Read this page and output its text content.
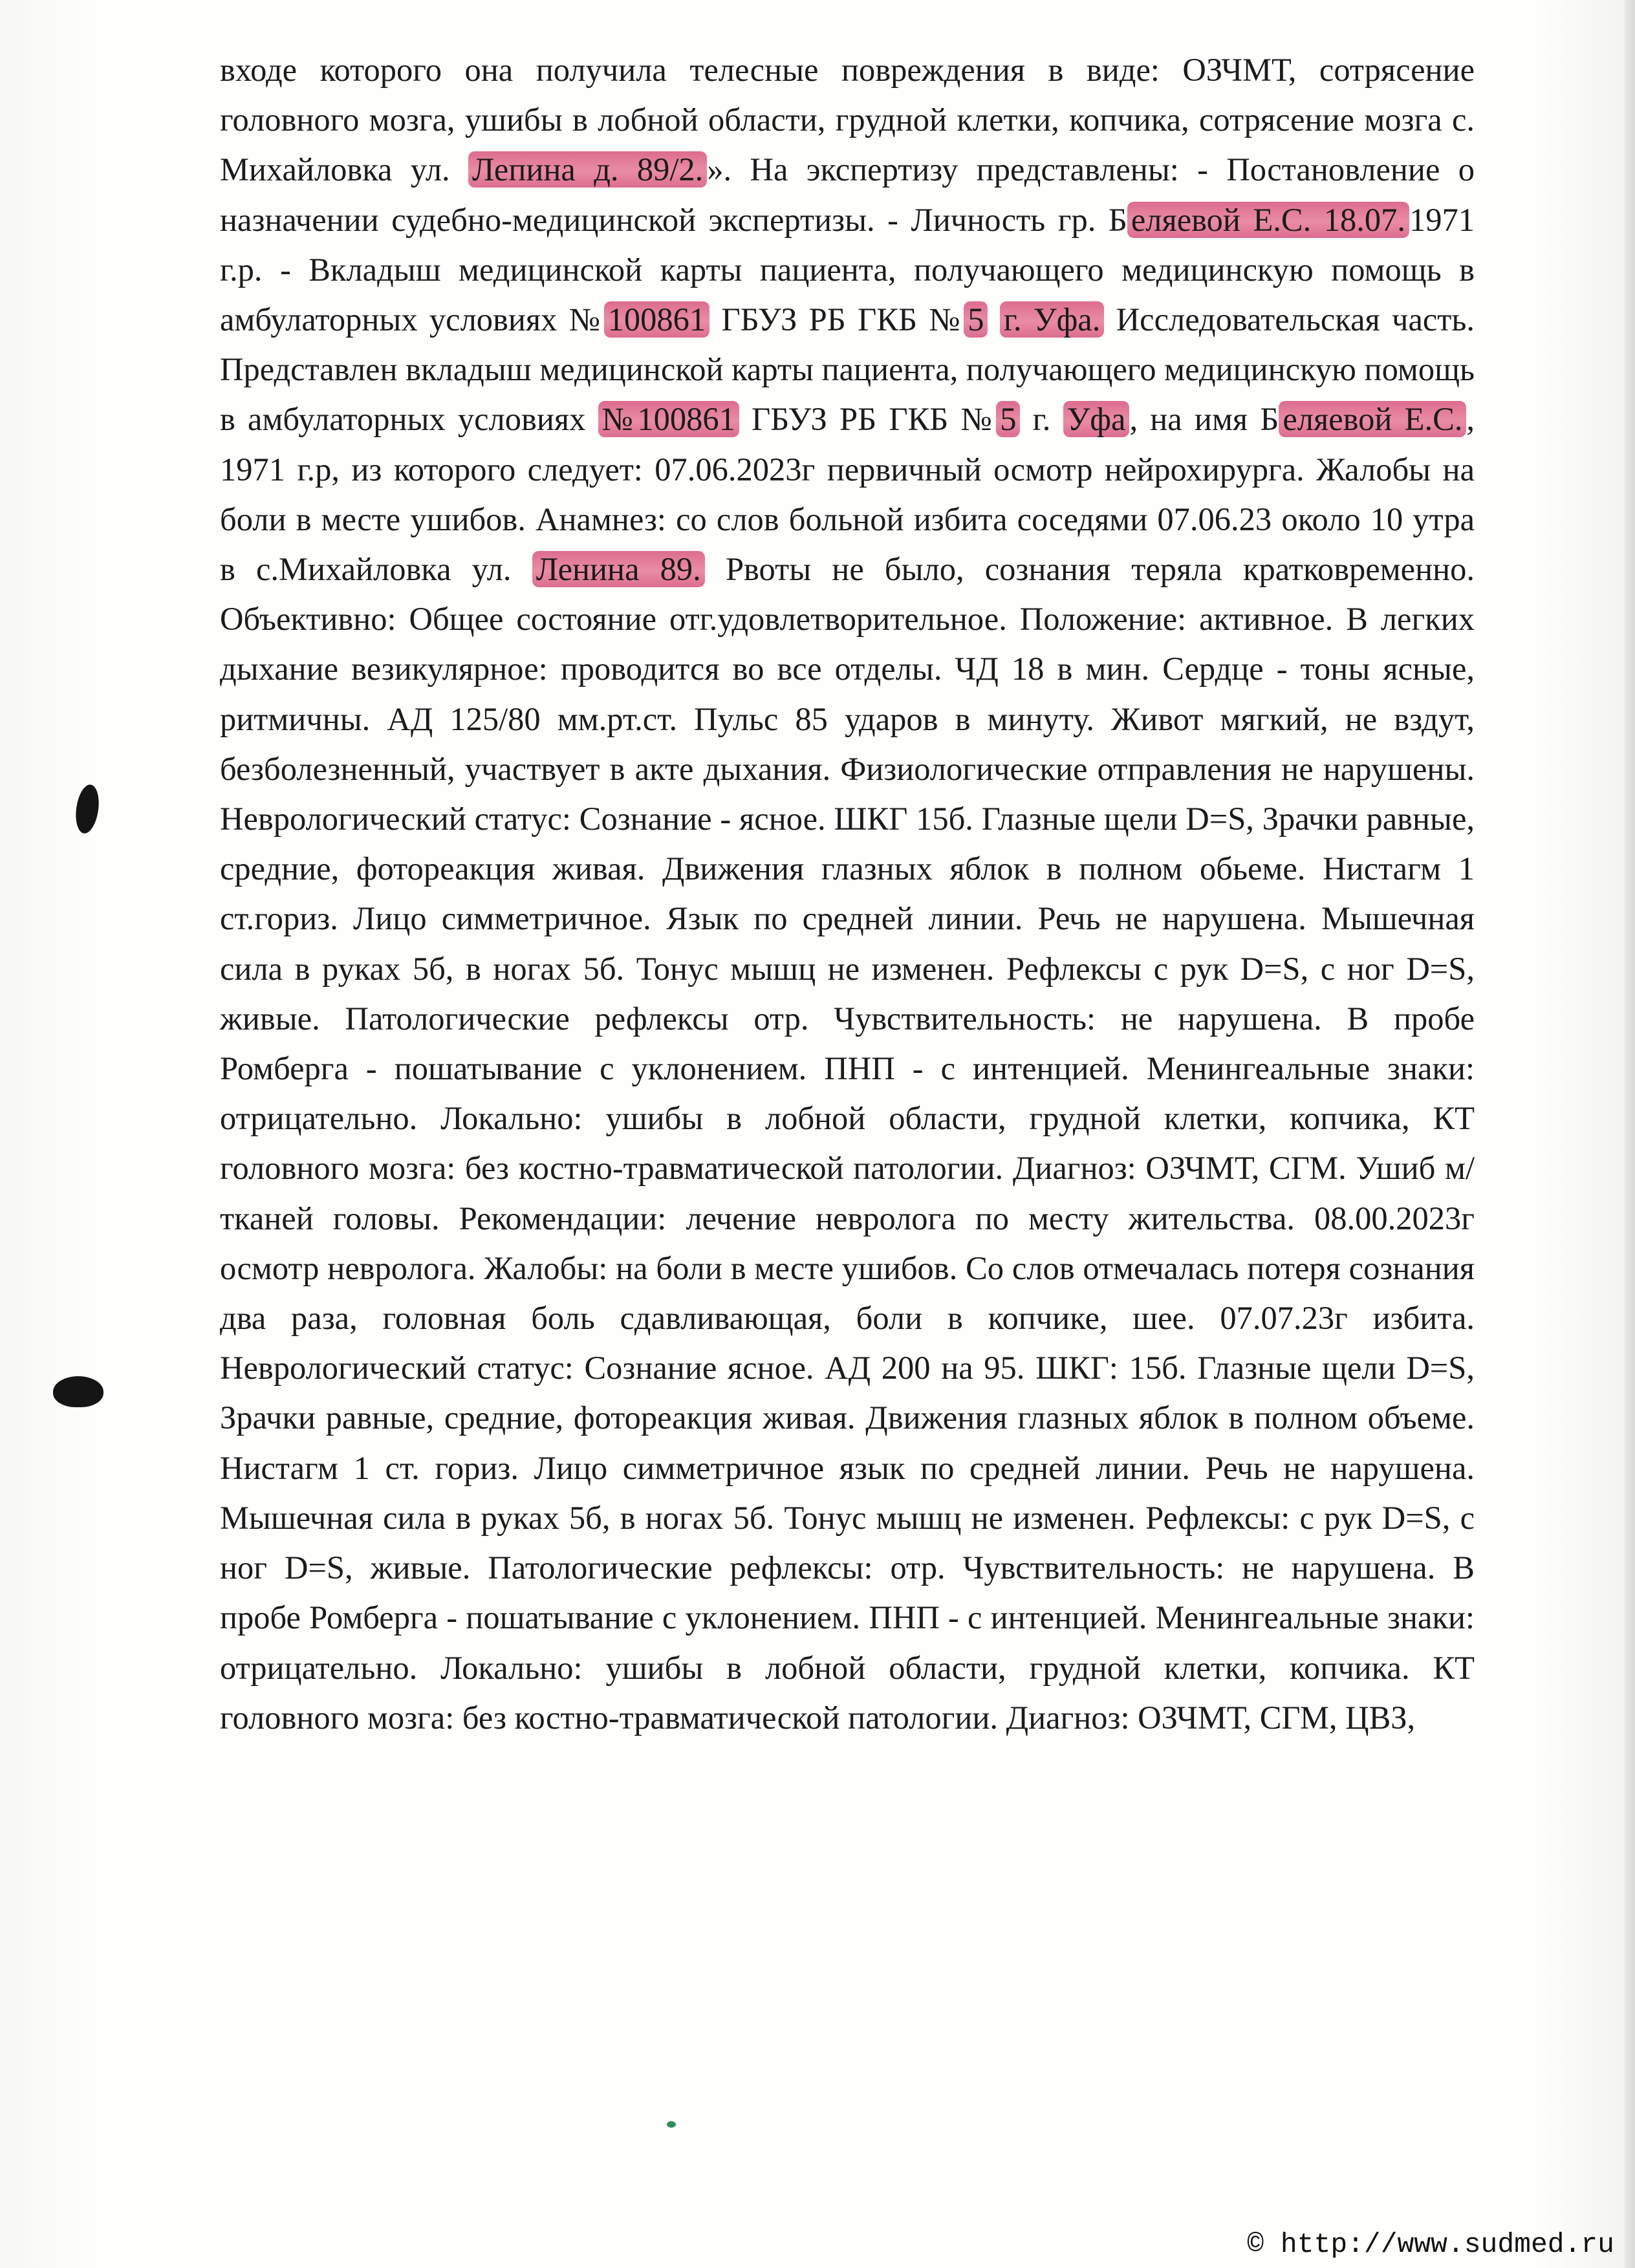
входе которого она получила телесные повреждения в виде: ОЗЧМТ, сотрясение головного мозга, ушибы в лобной области, грудной клетки, копчика, сотрясение мозга с. Михайловка ул. Лепина д. 89/2. ». На экспертизу представлены: - Постановление о назначении судебно-медицинской экспертизы. - Личность гр. Б еляевой Е.С. 18.07. 1971 г.р. - Вкладыш медицинской карты пациента, получающего медицинскую помощь в амбулаторных условиях № 100861 ГБУЗ РБ ГКБ № 5 г. Уфа. Исследовательская часть. Представлен вкладыш медицинской карты пациента, получающего медицинскую помощь в амбулаторных условиях №100861 ГБУЗ РБ ГКБ № 5 г. Уфа , на имя Б еляевой Е.С. , 1971 г.р, из которого следует: 07.06.2023г первичный осмотр нейрохирурга. Жалобы на боли в месте ушибов. Анамнез: со слов больной избита соседями 07.06.23 около 10 утра в с.Михайловка ул. Ленина 89. Рвоты не было, сознания теряла кратковременно. Объективно: Общее состояние отг.удовлетворительное. Положение: активное. В легких дыхание везикулярное: проводится во все отделы. ЧД 18 в мин. Сердце - тоны ясные, ритмичны. АД 125/80 мм.рт.ст. Пульс 85 ударов в минуту. Живот мягкий, не вздут, безболезненный, участвует в акте дыхания. Физиологические отправления не нарушены. Неврологический статус: Сознание - ясное. ШКГ 15б. Глазные щели D=S, Зрачки равные, средние, фотореакция живая. Движения глазных яблок в полном обьеме. Нистагм 1 ст.гориз. Лицо симметричное. Язык по средней линии. Речь не нарушена. Мышечная сила в руках 5б, в ногах 5б. Тонус мышц не изменен. Рефлексы с рук D=S, с ног D=S, живые. Патологические рефлексы отр. Чувствительность: не нарушена. В пробе Ромберга - пошатывание с уклонением. ПНП - с интенцией. Менингеальные знаки: отрицательно. Локально: ушибы в лобной области, грудной клетки, копчика, КТ головного мозга: без костно-травматической патологии. Диагноз: ОЗЧМТ, СГМ. Ушиб м/тканей головы. Рекомендации: лечение невролога по месту жительства. 08.00.2023г осмотр невролога. Жалобы: на боли в месте ушибов. Со слов отмечалась потеря сознания два раза, головная боль сдавливающая, боли в копчике, шее. 07.07.23г избита. Неврологический статус: Сознание ясное. АД 200 на 95. ШКГ: 15б. Глазные щели D=S, Зрачки равные, средние, фотореакция живая. Движения глазных яблок в полном объеме. Нистагм 1 ст. гориз. Лицо симметричное язык по средней линии. Речь не нарушена. Мышечная сила в руках 5б, в ногах 5б. Тонус мышц не изменен. Рефлексы: с рук D=S, с ног D=S, живые. Патологические рефлексы: отр. Чувствительность: не нарушена. В пробе Ромберга - пошатывание с уклонением. ПНП - с интенцией. Менингеальные знаки: отрицательно. Локально: ушибы в лобной области, грудной клетки, копчика. КТ головного мозга: без костно-травматической патологии. Диагноз: ОЗЧМТ, СГМ, ЦВЗ,
© http://www.sudmed.ru
